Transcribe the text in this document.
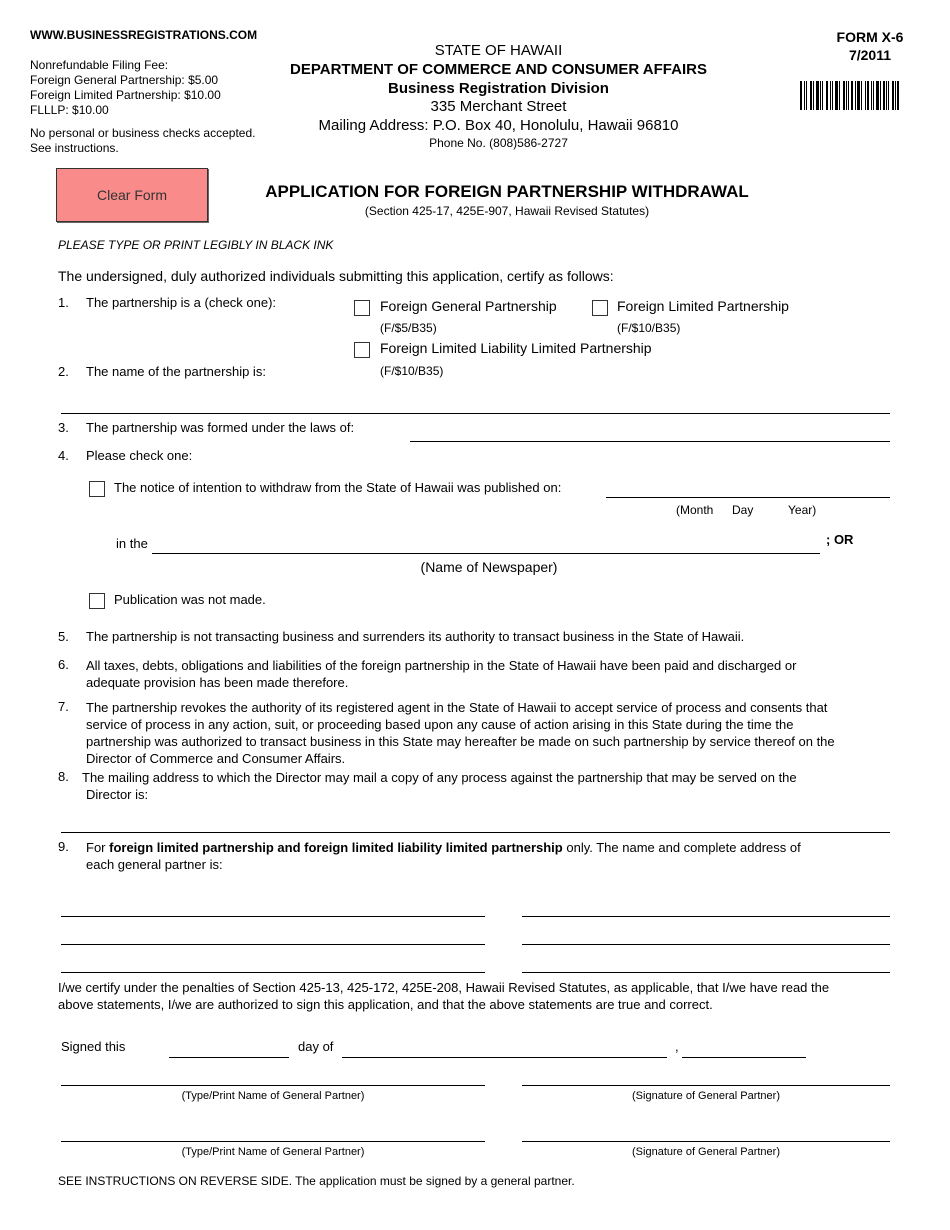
WWW.BUSINESSREGISTRATIONS.COM
Nonrefundable Filing Fee:
Foreign General Partnership: $5.00
Foreign Limited Partnership: $10.00
FLLLP: $10.00
No personal or business checks accepted.
See instructions.
STATE OF HAWAII
DEPARTMENT OF COMMERCE AND CONSUMER AFFAIRS
Business Registration Division
335 Merchant Street
Mailing Address: P.O. Box 40, Honolulu, Hawaii 96810
Phone No. (808)586-2727
FORM X-6
7/2011
Clear Form	APPLICATION FOR FOREIGN PARTNERSHIP WITHDRAWAL
(Section 425-17, 425E-907, Hawaii Revised Statutes)
PLEASE TYPE OR PRINT LEGIBLY IN BLACK INK
The undersigned, duly authorized individuals submitting this application, certify as follows:
1. The partnership is a (check one):	Foreign General Partnership
(F/$5/B35)
Foreign Limited Partnership
(F/$10/B35)
Foreign Limited Liability Limited Partnership
(F/$10/B35)
2. The name of the partnership is:
3. The partnership was formed under the laws of:
4. Please check one:
The notice of intention to withdraw from the State of Hawaii was published on:
(Month Day	Year)
in the	; OR
(Name of Newspaper)
Publication was not made.
5. The partnership is not transacting business and surrenders its authority to transact business in the State of Hawaii.
6. All taxes, debts, obligations and liabilities of the foreign partnership in the State of Hawaii have been paid and discharged or
adequate provision has been made therefore.
7. The partnership revokes the authority of its registered agent in the State of Hawaii to accept service of process and consents that
service of process in any action, suit, or proceeding based upon any cause of action arising in this State during the time the
partnership was authorized to transact business in this State may hereafter be made on such partnership by service thereof on the
Director of Commerce and Consumer Affairs.
8. The mailing address to which the Director may mail a copy of any process against the partnership that may be served on the
Director is:
9. For foreign limited partnership and foreign limited liability limited partnership only. The name and complete address of
each general partner is:
I/we certify under the penalties of Section 425-13, 425-172, 425E-208, Hawaii Revised Statutes, as applicable, that I/we have read the
above statements, I/we are authorized to sign this application, and that the above statements are true and correct.
Signed this	day of	,
(Type/Print Name of General Partner)	(Signature of General Partner)
(Type/Print Name of General Partner)	(Signature of General Partner)
SEE INSTRUCTIONS ON REVERSE SIDE. The application must be signed by a general partner.
